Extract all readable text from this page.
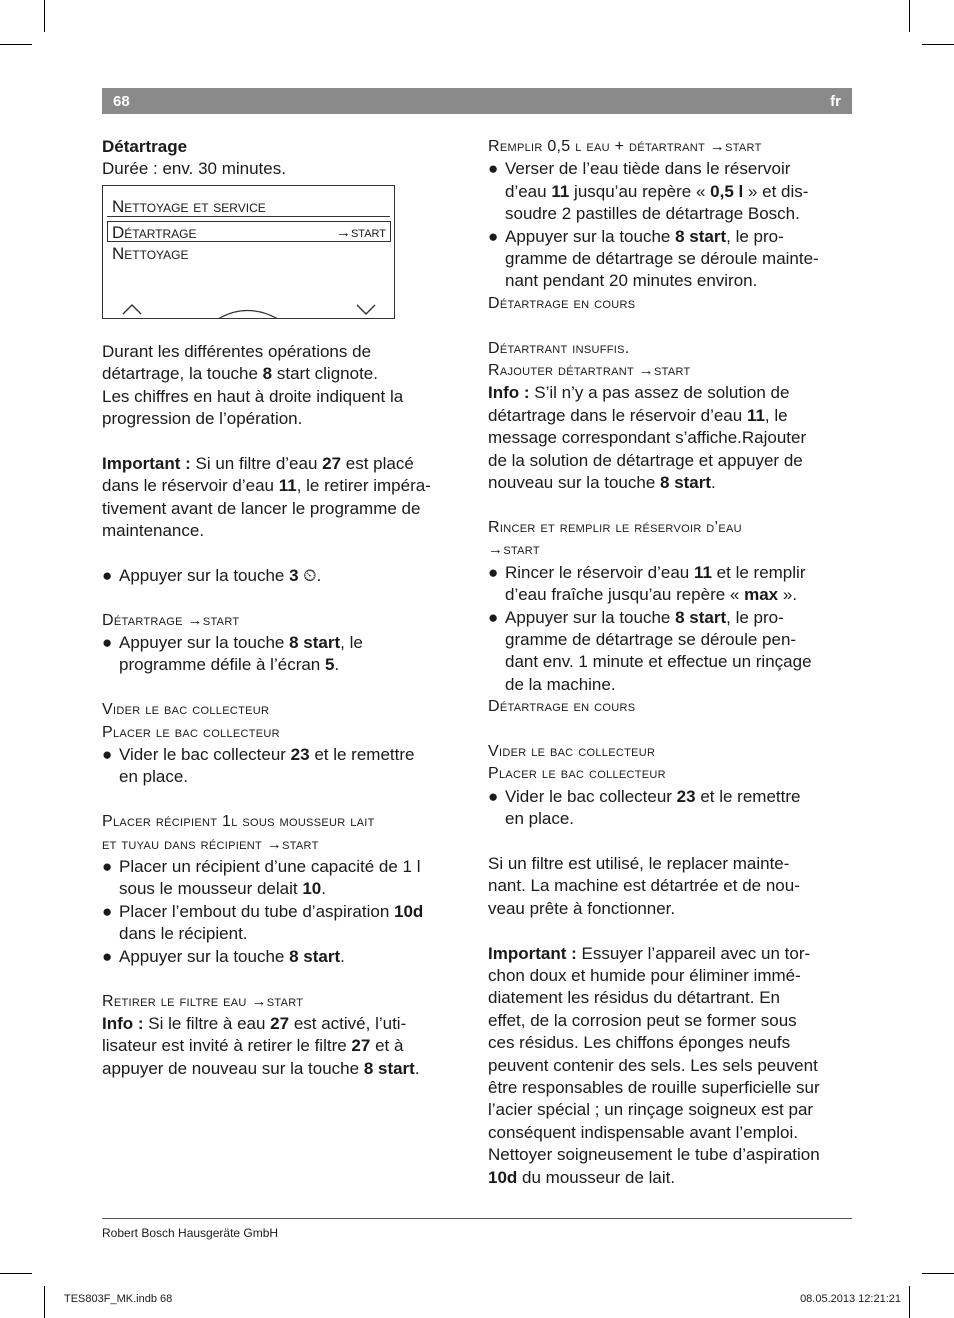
68	fr

Détartrage

Durée : env. 30 minutes.

Nettoyage et service
Détartrage	→start
Nettoyage

Durant les différentes opérations de
détartrage, la touche 8 start clignote.

Les chiffres en haut à droite indiquent la
progression de l’opération.

Important : Si un filtre d’eau 27 est placé
dans le réservoir d’eau 11, le retirer impéra-
tivement avant de lancer le programme de
maintenance.

● Appuyer sur la touche 3 ⏲.

Détartrage →start

● Appuyer sur la touche 8 start, le
programme défile à l’écran 5.

Vider le bac collecteur

Placer le bac collecteur

● Vider le bac collecteur 23 et le remettre
en place.

Placer récipient 1l sous mousseur lait

et tuyau dans récipient →start

● Placer un récipient d’une capacité de 1 l
sous le mousseur delait 10.
● Placer l’embout du tube d’aspiration 10d
dans le récipient.
● Appuyer sur la touche 8 start.

Retirer le filtre eau →start

Info : Si le filtre à eau 27 est activé, l’uti-
lisateur est invité à retirer le filtre 27 et à
appuyer de nouveau sur la touche 8 start.

Remplir 0,5 l eau + détartrant →start

● Verser de l’eau tiède dans le réservoir
d’eau 11 jusqu’au repère « 0,5 l » et dis-
soudre 2 pastilles de détartrage Bosch.
● Appuyer sur la touche 8 start, le pro-
gramme de détartrage se déroule mainte-
nant pendant 20 minutes environ.

Détartrage en cours

Détartrant insuffis.

Rajouter détartrant →start

Info : S’il n’y a pas assez de solution de
détartrage dans le réservoir d’eau 11, le
message correspondant s’affiche.Rajouter
de la solution de détartrage et appuyer de
nouveau sur la touche 8 start.

Rincer et remplir le réservoir d’eau

→start

● Rincer le réservoir d’eau 11 et le remplir
d’eau fraîche jusqu’au repère « max ».
● Appuyer sur la touche 8 start, le pro-
gramme de détartrage se déroule pen-
dant env. 1 minute et effectue un rinçage
de la machine.

Détartrage en cours

Vider le bac collecteur

Placer le bac collecteur

● Vider le bac collecteur 23 et le remettre
en place.

Si un filtre est utilisé, le replacer mainte-
nant. La machine est détartrée et de nou-
veau prête à fonctionner.

Important : Essuyer l’appareil avec un tor-
chon doux et humide pour éliminer immé-
diatement les résidus du détartrant. En
effet, de la corrosion peut se former sous
ces résidus. Les chiffons éponges neufs
peuvent contenir des sels. Les sels peuvent
être responsables de rouille superficielle sur
l’acier spécial ; un rinçage soigneux est par
conséquent indispensable avant l’emploi.
Nettoyer soigneusement le tube d’aspiration
10d du mousseur de lait.

Robert Bosch Hausgeräte GmbH
TES803F_MK.indb 68	08.05.2013 12:21:21
